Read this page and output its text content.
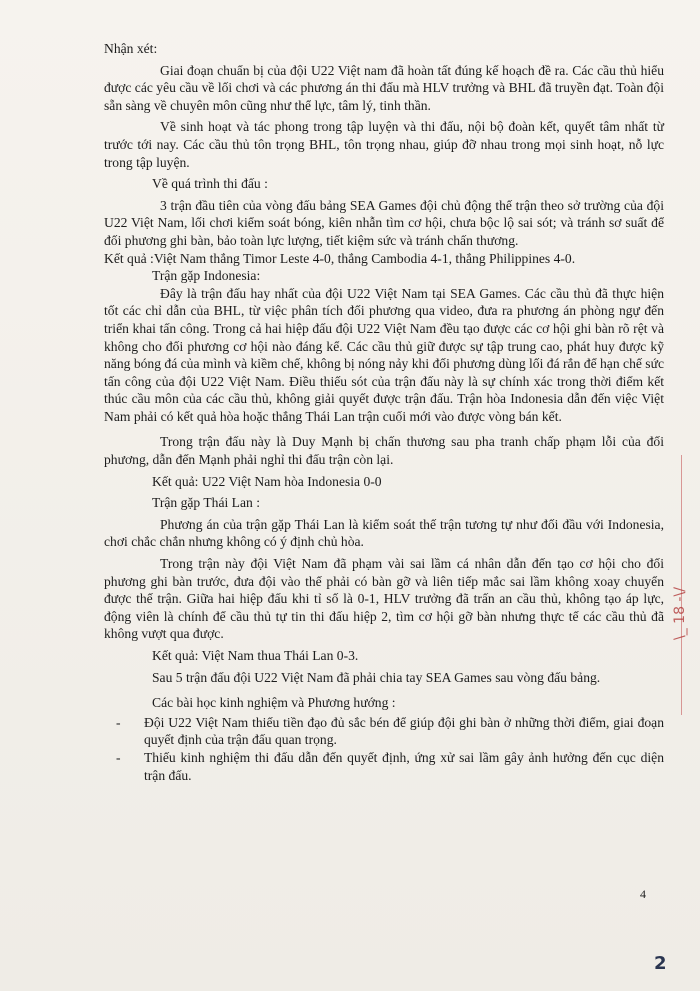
Nhận xét:

Giai đoạn chuẩn bị của đội U22 Việt nam đã hoàn tất đúng kế hoạch đề ra. Các cầu thủ hiểu được các yêu cầu về lối chơi và các phương án thi đấu mà HLV trưởng và BHL đã truyền đạt. Toàn đội sẵn sàng về chuyên môn cũng như thể lực, tâm lý, tinh thần.

Về sinh hoạt và tác phong trong tập luyện và thi đấu, nội bộ đoàn kết, quyết tâm nhất từ trước tới nay. Các cầu thủ tôn trọng BHL, tôn trọng nhau, giúp đỡ nhau trong mọi sinh hoạt, nỗ lực trong tập luyện.

Về quá trình thi đấu :

3 trận đầu tiên của vòng đấu bảng SEA Games đội chủ động thế trận theo sở trường của đội U22 Việt Nam, lối chơi kiểm soát bóng, kiên nhẫn tìm cơ hội, chưa bộc lộ sai sót; và tránh sơ suất để đối phương ghi bàn, bảo toàn lực lượng, tiết kiệm sức và tránh chấn thương.

Kết quả :Việt Nam thắng Timor Leste 4-0, thắng Cambodia 4-1, thắng Philippines 4-0.

Trận gặp Indonesia:

Đây là trận đấu hay nhất của đội U22 Việt Nam tại SEA Games. Các cầu thủ đã thực hiện tốt các chỉ dẫn của BHL, từ việc phân tích đối phương qua video, đưa ra phương án phòng ngự đến triển khai tấn công. Trong cả hai hiệp đấu đội U22 Việt Nam đều tạo được các cơ hội ghi bàn rõ rệt và không cho đối phương cơ hội nào đáng kể. Các cầu thủ giữ được sự tập trung cao, phát huy được kỹ năng bóng đá của mình và kiềm chế, không bị nóng nảy khi đối phương dùng lối đá rắn để hạn chế sức tấn công của đội U22 Việt Nam. Điều thiếu sót của trận đấu này là sự chính xác trong thời điểm kết thúc cầu môn của các cầu thủ, không giải quyết được trận đấu. Trận hòa Indonesia dẫn đến việc Việt Nam phải có kết quả hòa hoặc thắng Thái Lan trận cuối mới vào được vòng bán kết.

Trong trận đấu này là Duy Mạnh bị chấn thương sau pha tranh chấp phạm lỗi của đối phương, dẫn đến Mạnh phải nghỉ thi đấu trận còn lại.

Kết quả: U22 Việt Nam hòa Indonesia 0-0

Trận gặp Thái Lan :

Phương án của trận gặp Thái Lan là kiểm soát thế trận tương tự như đối đầu với Indonesia, chơi chắc chắn nhưng không có ý định chủ hòa.

Trong trận này đội Việt Nam đã phạm vài sai lầm cá nhân dẫn đến tạo cơ hội cho đối phương ghi bàn trước, đưa đội vào thế phải có bàn gỡ và liên tiếp mắc sai lầm không xoay chuyển được thế trận. Giữa hai hiệp đấu khi tỉ số là 0-1, HLV trưởng đã trấn an cầu thủ, không tạo áp lực, động viên là chính để cầu thủ tự tin thi đấu hiệp 2, tìm cơ hội gỡ bàn nhưng thực tế các cầu thủ đã không vượt qua được.

Kết quả: Việt Nam thua Thái Lan 0-3.

Sau 5 trận đấu đội U22 Việt Nam đã phải chia tay SEA Games sau vòng đấu bảng.

Các bài học kinh nghiệm và Phương hướng :

- Đội U22 Việt Nam thiếu tiền đạo đủ sắc bén để giúp đội ghi bàn ở những thời điểm, giai đoạn quyết định của trận đấu quan trọng.
- Thiếu kinh nghiệm thi đấu dẫn đến quyết định, ứng xử sai lầm gây ảnh hưởng đến cục diện trận đấu.
\_ 18 -\/
4
2
